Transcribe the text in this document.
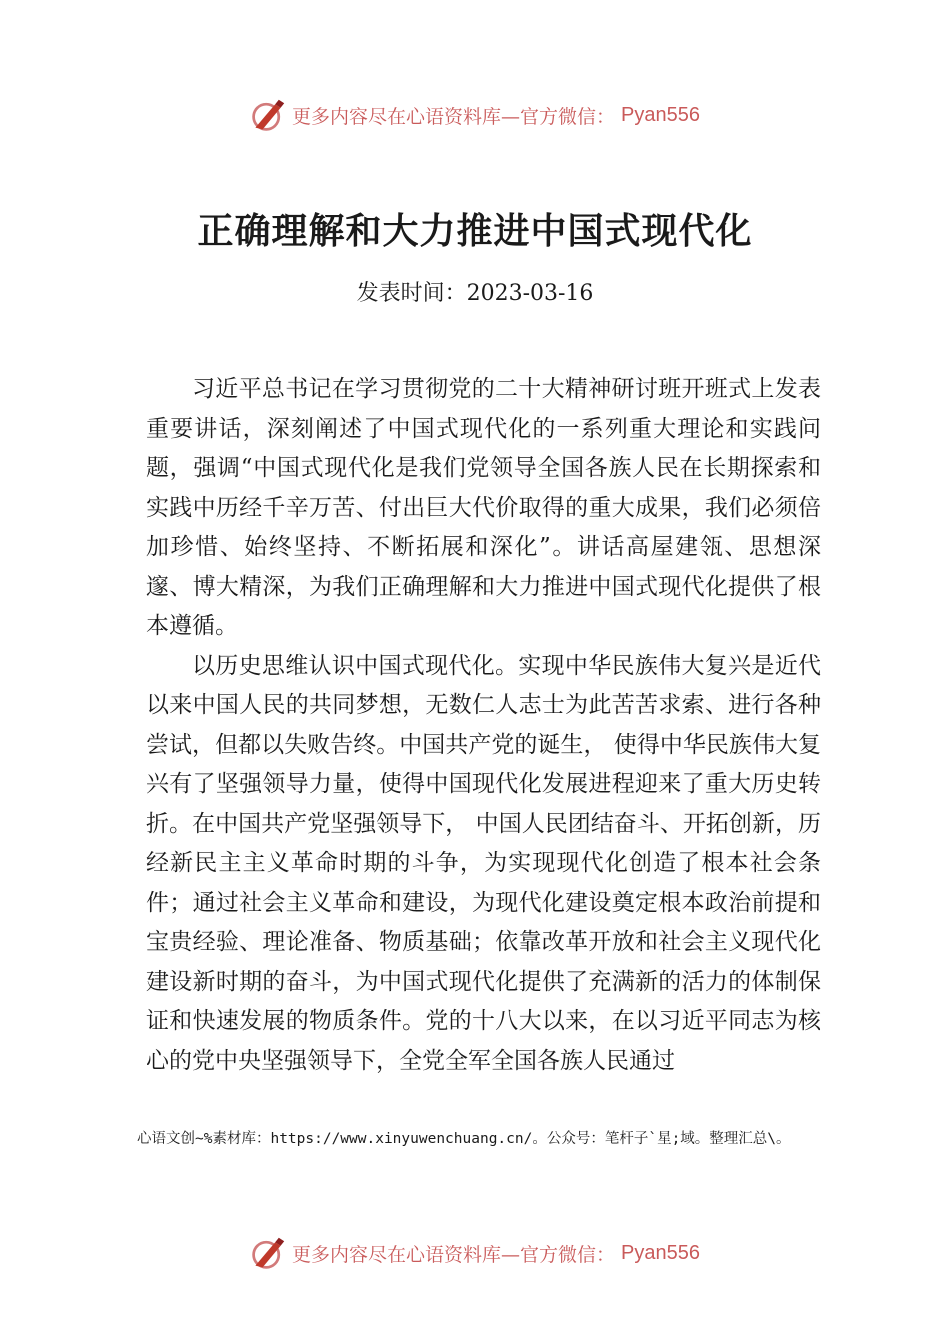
更多内容尽在心语资料库—官方微信： Pyan556
正确理解和大力推进中国式现代化
发表时间：2023-03-16

习近平总书记在学习贯彻党的二十大精神研讨班开班式上发表重要讲话，深刻阐述了中国式现代化的一系列重大理论和实践问题，强调“中国式现代化是我们党领导全国各族人民在长期探索和实践中历经千辛万苦、付出巨大代价取得的重大成果，我们必须倍加珍惜、始终坚持、不断拓展和深化”。讲话高屋建瓴、思想深邃、博大精深，为我们正确理解和大力推进中国式现代化提供了根本遵循。

以历史思维认识中国式现代化。实现中华民族伟大复兴是近代以来中国人民的共同梦想，无数仁人志士为此苦苦求索、进行各种尝试，但都以失败告终。中国共产党的诞生， 使得中华民族伟大复兴有了坚强领导力量，使得中国现代化发展进程迎来了重大历史转折。在中国共产党坚强领导下， 中国人民团结奋斗、开拓创新，历经新民主主义革命时期的斗争，为实现现代化创造了根本社会条件；通过社会主义革命和建设，为现代化建设奠定根本政治前提和宝贵经验、理论准备、物质基础；依靠改革开放和社会主义现代化建设新时期的奋斗，为中国式现代化提供了充满新的活力的体制保证和快速发展的物质条件。党的十八大以来，在以习近平同志为核心的党中央坚强领导下，全党全军全国各族人民通过

心语文创~%素材库：https://www.xinyuwenchuang.cn/。公众号：笔杆子`星;域。整理汇总\。
更多内容尽在心语资料库—官方微信： Pyan556
